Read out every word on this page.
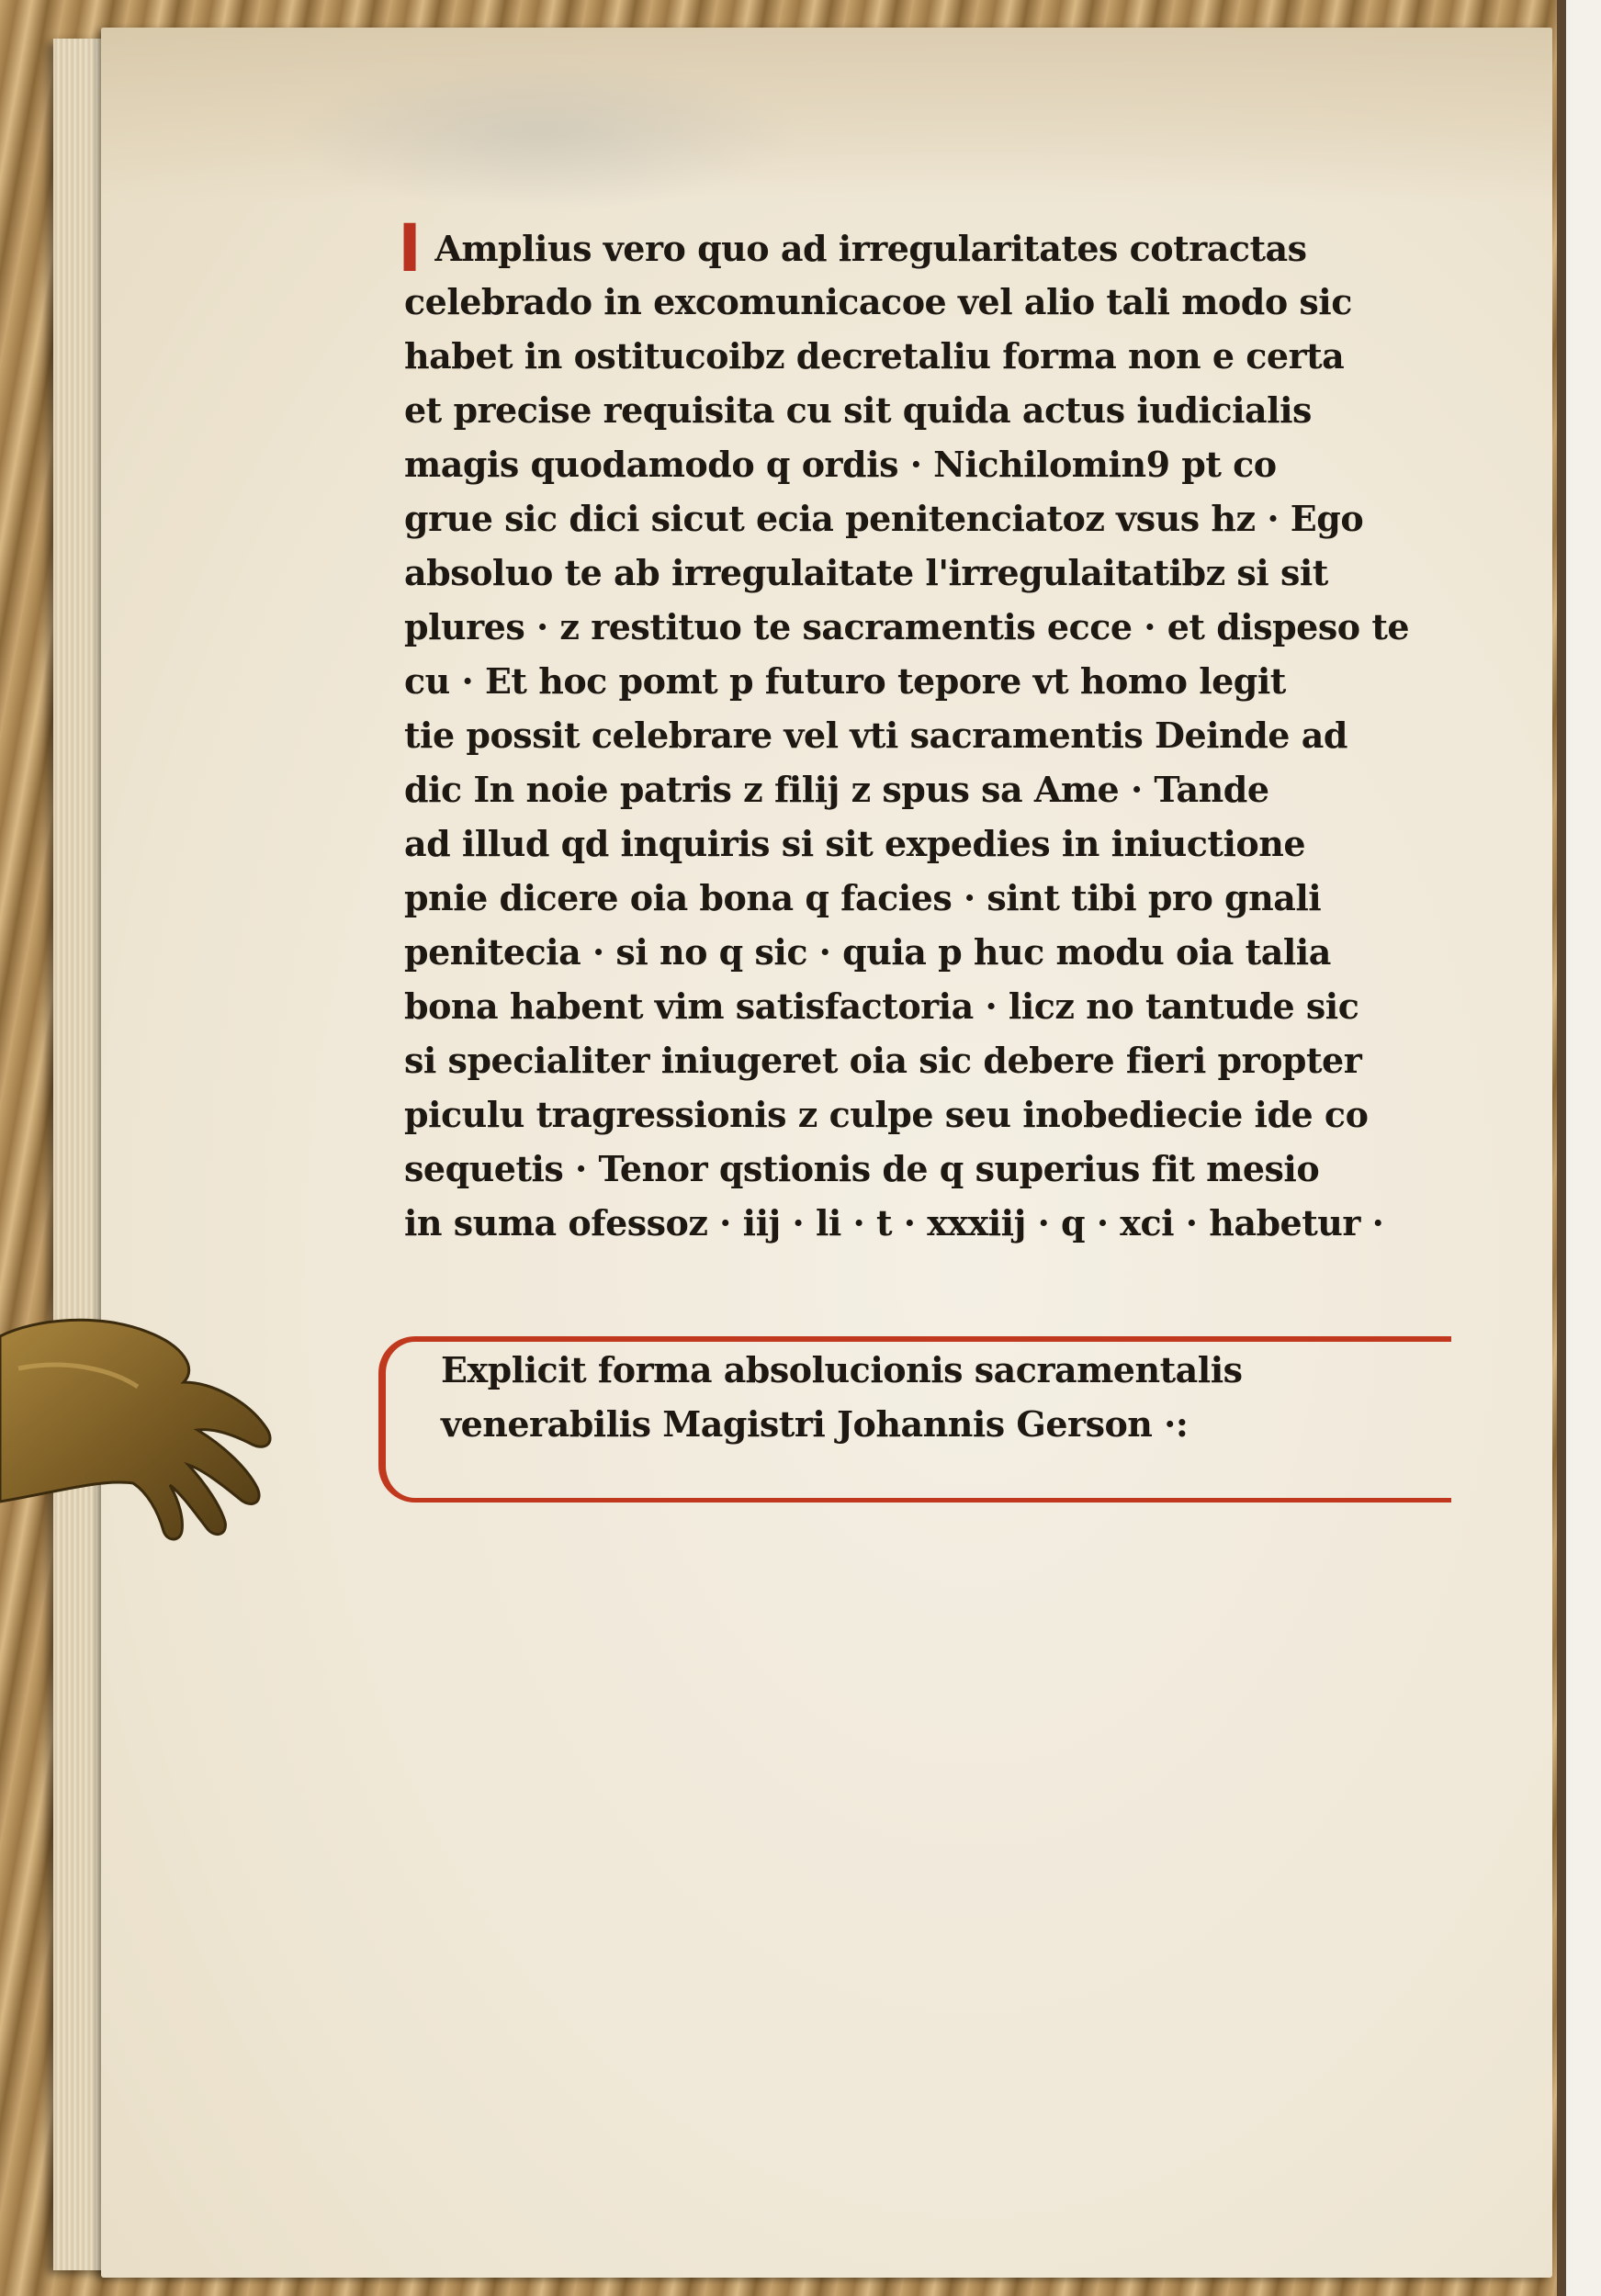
▍Amplius vero quo ad irregularitates cotractas
celebrado in excomunicacoe vel alio tali modo sic
habet in ostitucoibz decretaliu forma non e certa
et precise requisita cu sit quida actus iudicialis
magis quodamodo q ordis · Nichilomin9 pt co
grue sic dici sicut ecia penitenciatoz vsus hz · Ego
absoluo te ab irregulaitate l'irregulaitatibz si sit
plures · z restituo te sacramentis ecce · et dispeso te
cu · Et hoc pomt p futuro tepore vt homo legit
tie possit celebrare vel vti sacramentis Deinde ad
dic In noie patris z filij z spus sa Ame · Tande
ad illud qd inquiris si sit expedies in iniuctione
pnie dicere oia bona q facies · sint tibi pro gnali
penitecia · si no q sic · quia p huc modu oia talia
bona habent vim satisfactoria · licz no tantude sic
si specialiter iniugeret oia sic debere fieri propter
piculu tragressionis z culpe seu inobediecie ide co
sequetis · Tenor qstionis de q superius fit mesio
in suma ofessoz · iij · li · t · xxxiij · q · xci · habetur ·
Explicit forma absolucionis sacramentalis
venerabilis Magistri Johannis Gerson ·:
